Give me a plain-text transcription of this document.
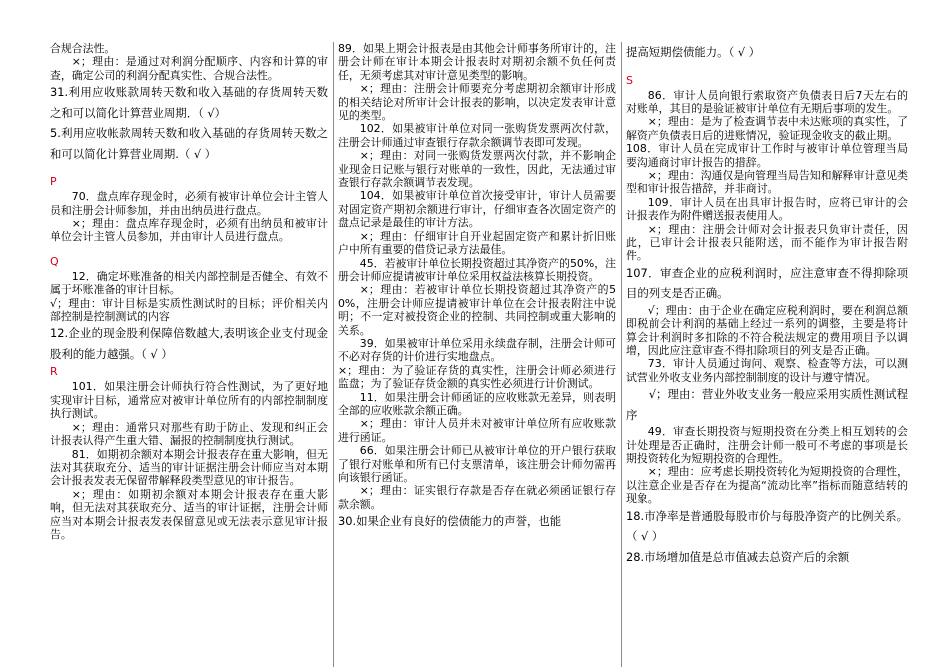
合规合法性。

×；理由：是通过对利润分配顺序、内容和计算的审查，确定公司的利润分配真实性、合规合法性。

31.利用应收账款周转天数和收入基础的存货周转天数之和可以简化计算营业周期．（ √）

5.利用应收帐款周转天数和收入基础的存货周转天数之和可以简化计算营业周期.（ √ ）

P

70．盘点库存现金时，必须有被审计单位会计主管人员和注册会计师参加，并由出纳员进行盘点。

×；理由：盘点库存现金时，必须有出纳员和被审计单位会计主管人员参加，并由审计人员进行盘点。

Q

12．确定坏账准备的相关内部控制是否健全、有效不属于坏账准备的审计目标。

√；理由：审计目标是实质性测试时的目标；评价相关内部控制是控制测试的内容

12.企业的现金股利保障倍数越大,表明该企业支付现金股利的能力越强。（ √ ）

R

101．如果注册会计师执行符合性测试，为了更好地实现审计目标，通常应对被审计单位所有的内部控制制度执行测试。

×；理由：通常只对那些有助于防止、发现和纠正会计报表认得产生重大错、漏报的控制制度执行测试。

81．如期初余额对本期会计报表存在重大影响，但无法对其获取充分、适当的审计证据注册会计师应当对本期会计报表发表无保留带解释段类型意见的审计报告。

×；理由：如期初余额对本期会计报表存在重大影响，但无法对其获取充分、适当的审计证据，注册会计师应当对本期会计报表发表保留意见或无法表示意见审计报告。

89．如果上期会计报表是由其他会计师事务所审计的，注册会计师在审计本期会计报表时对期初余额不负任何责任，无须考虑其对审计意见类型的影响。

×；理由：注册会计师要充分考虑期初余额审计形成的相关结论对所审计会计报表的影响，以决定发表审计意见的类型。

102．如果被审计单位对同一张购货发票两次付款，注册会计师通过审查银行存款余额调节表即可发现。

×；理由：对同一张购货发票两次付款，并不影响企业现金日记账与银行对账单的一致性，因此，无法通过审查银行存款余额调节表发现。

104．如果被审计单位首次接受审计，审计人员需要对固定资产期初余额进行审计，仔细审查各次固定资产的盘点记录是最佳的审计方法。

×；理由：仔细审计自开业起固定资产和累计折旧账户中所有重要的借贷记录方法最佳。

45．若被审计单位长期投资超过其净资产的50%，注册会计师应提请被审计单位采用权益法核算长期投资。

×；理由：若被审计单位长期投资超过其净资产的50%，注册会计师应提请被审计单位在会计报表附注中说明；不一定对被投资企业的控制、共同控制或重大影响的关系。

39．如果被审计单位采用永续盘存制，注册会计师可不必对存货的计价进行实地盘点。

×；理由：为了验证存货的真实性，注册会计师必须进行监盘；为了验证存货金额的真实性必须进行计价测试。

11．如果注册会计师函证的应收账款无差异，则表明全部的应收账款余额正确。

×；理由：审计人员并未对被审计单位所有应收账款进行函证。

66．如果注册会计师已从被审计单位的开户银行获取了银行对账单和所有已付支票清单，该注册会计师勿需再向该银行函证。

×；理由：证实银行存款是否存在就必须函证银行存款余额。

30.如果企业有良好的偿债能力的声誉，也能

提高短期偿债能力。（ √ ）

S

86．审计人员向银行索取资产负债表日后7天左右的对账单，其目的是验证被审计单位有无期后事项的发生。

×；理由：是为了检查调节表中未达账项的真实性，了解资产负债表日后的进账情况，验证现金收支的截止期。

108．审计人员在完成审计工作时与被审计单位管理当局要沟通商讨审计报告的措辞。

×；理由：沟通仅是向管理当局告知和解释审计意见类型和审计报告措辞，并非商讨。

109．审计人员在出具审计报告时，应将已审计的会计报表作为附件赠送报表使用人。

×；理由：注册会计师对会计报表只负审计责任，因此，已审计会计报表只能附送，而不能作为审计报告附件。

107．审查企业的应税利润时，应注意审查不得抑除项目的列支是否正确。

√；理由：由于企业在确定应税利润时，要在利润总额即税前会计利润的基础上经过一系列的调整，主要是将计算会计利润时多扣除的不符合税法规定的费用项目予以调增，因此应注意审查不得扣除项目的列支是否正确。

73．审计人员通过询问、观察、检查等方法，可以测试营业外收支业务内部控制制度的设计与遵守情况。

√；理由：营业外收支业务一般应采用实质性测试程序

49．审查长期投资与短期投资在分类上相互划转的会计处理是否正确时，注册会计师一般可不考虑的事项是长期投资转化为短期投资的合理性。

×；理由：应考虑长期投资转化为短期投资的合理性，以注意企业是否存在为提高“流动比率”指标而随意结转的现象。

18.市净率是普通股每股市价与每股净资产的比例关系。（ √ ）

28.市场增加值是总市值减去总资产后的余额
